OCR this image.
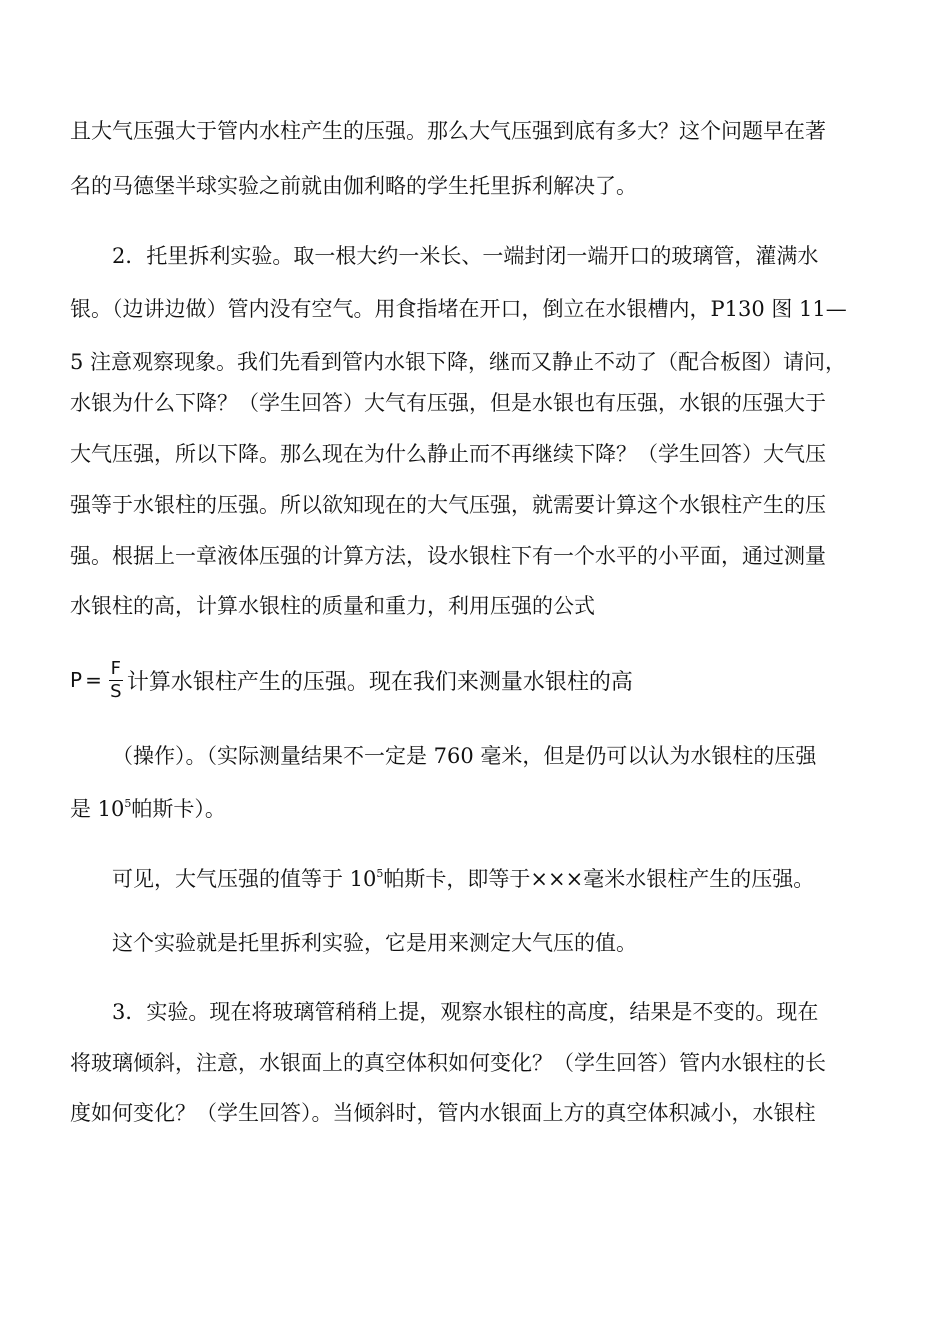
且大气压强大于管内水柱产生的压强。那么大气压强到底有多大？这个问题早在著
名的马德堡半球实验之前就由伽利略的学生托里拆利解决了。
2．托里拆利实验。取一根大约一米长、一端封闭一端开口的玻璃管，灌满水
银。（边讲边做）管内没有空气。用食指堵在开口，倒立在水银槽内，P130 图 11—
5 注意观察现象。我们先看到管内水银下降，继而又静止不动了（配合板图）请问，
水银为什么下降？（学生回答）大气有压强，但是水银也有压强，水银的压强大于
大气压强，所以下降。那么现在为什么静止而不再继续下降？（学生回答）大气压
强等于水银柱的压强。所以欲知现在的大气压强，就需要计算这个水银柱产生的压
强。根据上一章液体压强的计算方法，设水银柱下有一个水平的小平面，通过测量
水银柱的高，计算水银柱的质量和重力，利用压强的公式
$P = \frac{F}{S}$ 计算水银柱产生的压强。现在我们来测量水银柱的高
（操作）。（实际测量结果不一定是 760 毫米，但是仍可以认为水银柱的压强
是 $10^5$帕斯卡）。
可见，大气压强的值等于 $10^5$帕斯卡，即等于×××毫米水银柱产生的压强。
这个实验就是托里拆利实验，它是用来测定大气压的值。
3．实验。现在将玻璃管稍稍上提，观察水银柱的高度，结果是不变的。现在
将玻璃倾斜，注意，水银面上的真空体积如何变化？（学生回答）管内水银柱的长
度如何变化？（学生回答）。当倾斜时，管内水银面上方的真空体积减小，水银柱
